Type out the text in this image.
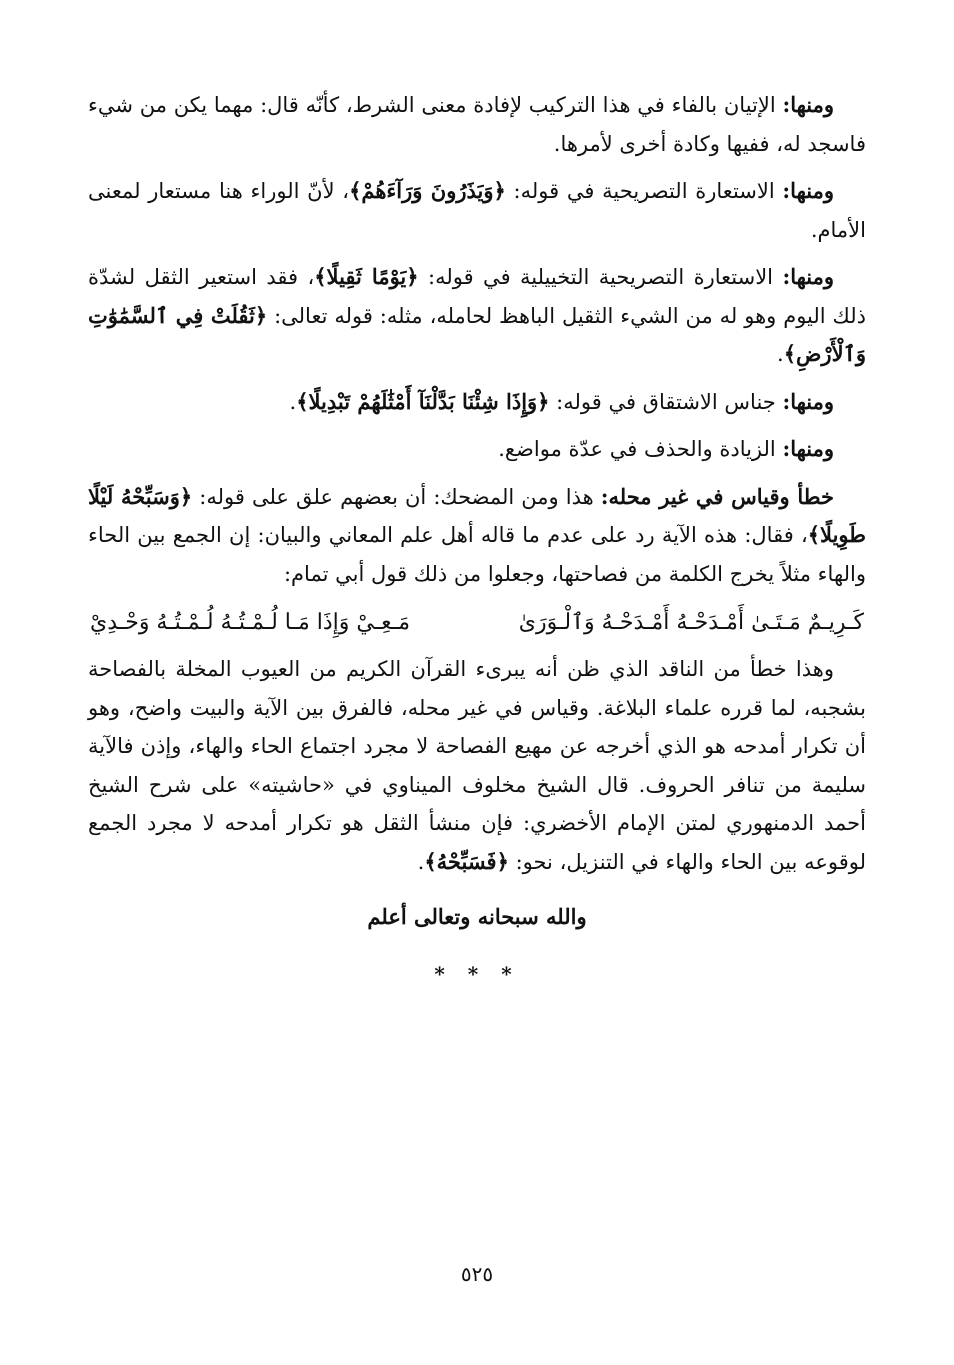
ومنها: الإتيان بالفاء في هذا التركيب لإفادة معنى الشرط، كأنّه قال: مهما يكن من شيء فاسجد له، ففيها وكادة أخرى لأمرها.

ومنها: الاستعارة التصريحية في قوله: ﴿وَيَذَرُونَ وَرَآءَهُمْ﴾، لأنّ الوراء هنا مستعار لمعنى الأمام.

ومنها: الاستعارة التصريحية التخييلية في قوله: ﴿يَوْمًا ثَقِيلًا﴾، فقد استعير الثقل لشدّة ذلك اليوم وهو له من الشيء الثقيل الباهظ لحامله، مثله: قوله تعالى: ﴿ثَقُلَتْ فِي ٱلسَّمَٰوَٰتِ وَٱلْأَرْضِ﴾.

ومنها: جناس الاشتقاق في قوله: ﴿وَإِذَا شِئْنَا بَدَّلْنَآ أَمْثَٰلَهُمْ تَبْدِيلًا﴾.

ومنها: الزيادة والحذف في عدّة مواضع.

خطأ وقياس في غير محله: هذا ومن المضحك: أن بعضهم علق على قوله: ﴿وَسَبِّحْهُ لَيْلًا طَوِيلًا﴾، فقال: هذه الآية رد على عدم ما قاله أهل علم المعاني والبيان: إن الجمع بين الحاء والهاء مثلاً يخرج الكلمة من فصاحتها، وجعلوا من ذلك قول أبي تمام:

كَـرِيـمٌ مَـتَـىٰ أَمْـدَحْـهُ أَمْـدَحْـهُ وَٱلْـوَرَىٰ
مَـعِـيْ وَإِذَا مَـا لُـمْـتُـهُ لُـمْـتُـهُ وَحْـدِيْ

وهذا خطأ من الناقد الذي ظن أنه يبرىء القرآن الكريم من العيوب المخلة بالفصاحة بشجبه، لما قرره علماء البلاغة. وقياس في غير محله، فالفرق بين الآية والبيت واضح، وهو أن تكرار أمدحه هو الذي أخرجه عن مهيع الفصاحة لا مجرد اجتماع الحاء والهاء، وإذن فالآية سليمة من تنافر الحروف. قال الشيخ مخلوف الميناوي في «حاشيته» على شرح الشيخ أحمد الدمنهوري لمتن الإمام الأخضري: فإن منشأ الثقل هو تكرار أمدحه لا مجرد الجمع لوقوعه بين الحاء والهاء في التنزيل، نحو: ﴿فَسَبِّحْهُ﴾.

والله سبحانه وتعالى أعلم
* * *
٥٢٥
